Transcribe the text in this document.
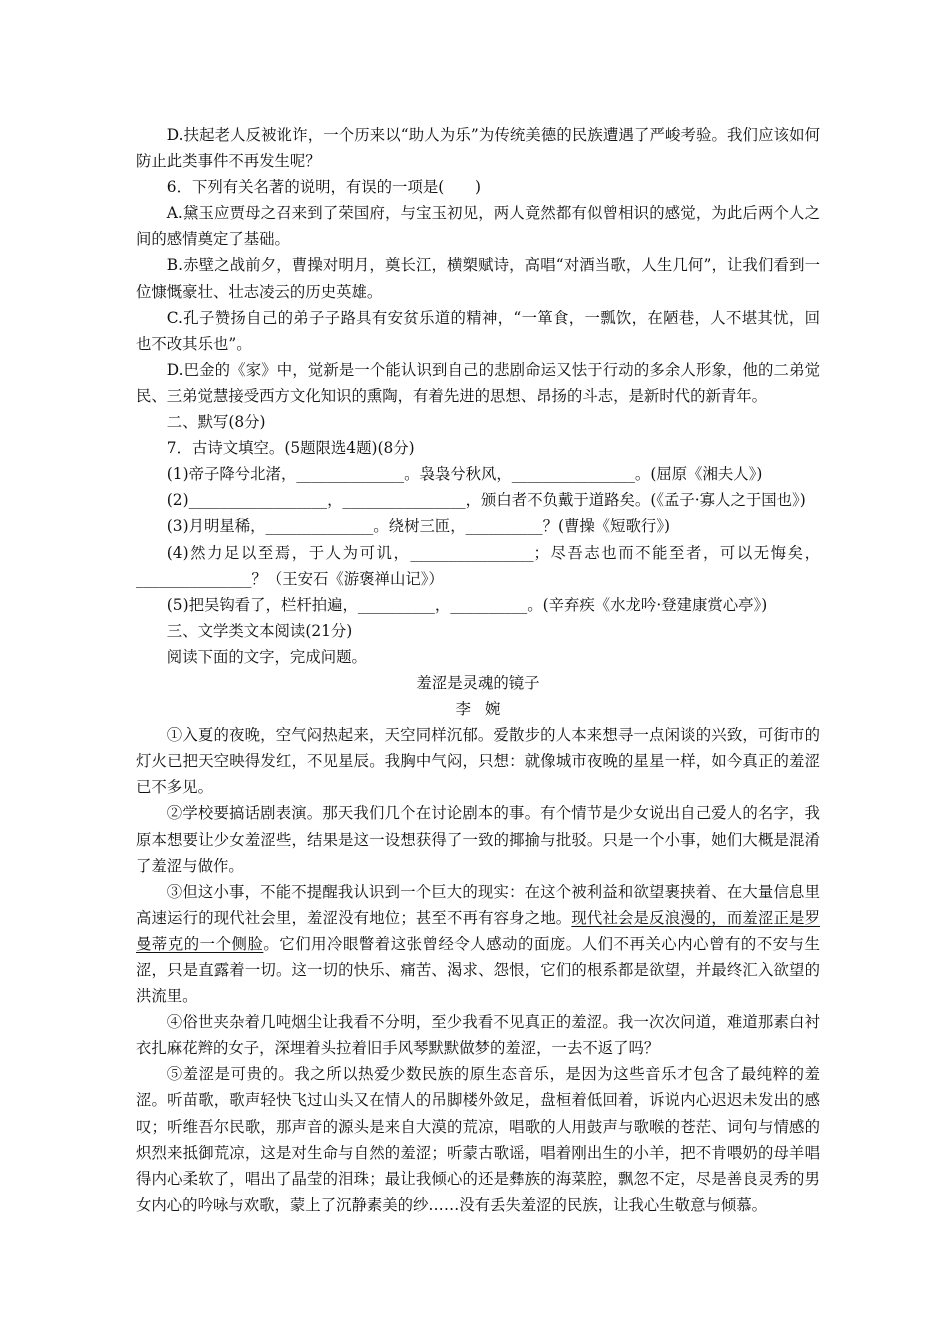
D.扶起老人反被讹诈，一个历来以“助人为乐”为传统美德的民族遭遇了严峻考验。我们应该如何防止此类事件不再发生呢？

6．下列有关名著的说明，有误的一项是(　　)

A.黛玉应贾母之召来到了荣国府，与宝玉初见，两人竟然都有似曾相识的感觉，为此后两个人之间的感情奠定了基础。

B.赤壁之战前夕，曹操对明月，奠长江，横槊赋诗，高唱“对酒当歌，人生几何”，让我们看到一位慷慨豪壮、壮志凌云的历史英雄。

C.孔子赞扬自己的弟子子路具有安贫乐道的精神，“一箪食，一瓢饮，在陋巷，人不堪其忧，回也不改其乐也”。

D.巴金的《家》中，觉新是一个能认识到自己的悲剧命运又怯于行动的多余人形象，他的二弟觉民、三弟觉慧接受西方文化知识的熏陶，有着先进的思想、昂扬的斗志，是新时代的新青年。

二、默写(8分)

7．古诗文填空。(5题限选4题)(8分)

(1)帝子降兮北渚，______________。袅袅兮秋风，________________。(屈原《湘夫人》)

(2)__________________，________________，颁白者不负戴于道路矣。(《孟子·寡人之于国也》)

(3)月明星稀，______________。绕树三匝，__________？(曹操《短歌行》)

(4)然力足以至焉，于人为可讥，________________；尽吾志也而不能至者，可以无悔矣，_______________？（王安石《游褒禅山记》）

(5)把吴钩看了，栏杆拍遍，__________，__________。(辛弃疾《水龙吟·登建康赏心亭》)

三、文学类文本阅读(21分)

阅读下面的文字，完成问题。

羞涩是灵魂的镜子

李婉

①入夏的夜晚，空气闷热起来，天空同样沉郁。爱散步的人本来想寻一点闲谈的兴致，可街市的灯火已把天空映得发红，不见星辰。我胸中气闷，只想：就像城市夜晚的星星一样，如今真正的羞涩已不多见。

②学校要搞话剧表演。那天我们几个在讨论剧本的事。有个情节是少女说出自己爱人的名字，我原本想要让少女羞涩些，结果是这一设想获得了一致的揶揄与批驳。只是一个小事，她们大概是混淆了羞涩与做作。

③但这小事，不能不提醒我认识到一个巨大的现实：在这个被利益和欲望裹挟着、在大量信息里高速运行的现代社会里，羞涩没有地位；甚至不再有容身之地。现代社会是反浪漫的，而羞涩正是罗曼蒂克的一个侧脸。它们用冷眼瞥着这张曾经令人感动的面庞。人们不再关心内心曾有的不安与生涩，只是直露着一切。这一切的快乐、痛苦、渴求、怨恨，它们的根系都是欲望，并最终汇入欲望的洪流里。

④俗世夹杂着几吨烟尘让我看不分明，至少我看不见真正的羞涩。我一次次问道，难道那素白衬衣扎麻花辫的女子，深埋着头拉着旧手风琴默默做梦的羞涩，一去不返了吗？

⑤羞涩是可贵的。我之所以热爱少数民族的原生态音乐，是因为这些音乐才包含了最纯粹的羞涩。听苗歌，歌声轻快飞过山头又在情人的吊脚楼外敛足，盘桓着低回着，诉说内心迟迟未发出的感叹；听维吾尔民歌，那声音的源头是来自大漠的荒凉，唱歌的人用鼓声与歌喉的苍茫、词句与情感的炽烈来抵御荒凉，这是对生命与自然的羞涩；听蒙古歌谣，唱着刚出生的小羊，把不肯喂奶的母羊唱得内心柔软了，唱出了晶莹的泪珠；最让我倾心的还是彝族的海菜腔，飘忽不定，尽是善良灵秀的男女内心的吟咏与欢歌，蒙上了沉静素美的纱……没有丢失羞涩的民族，让我心生敬意与倾慕。
